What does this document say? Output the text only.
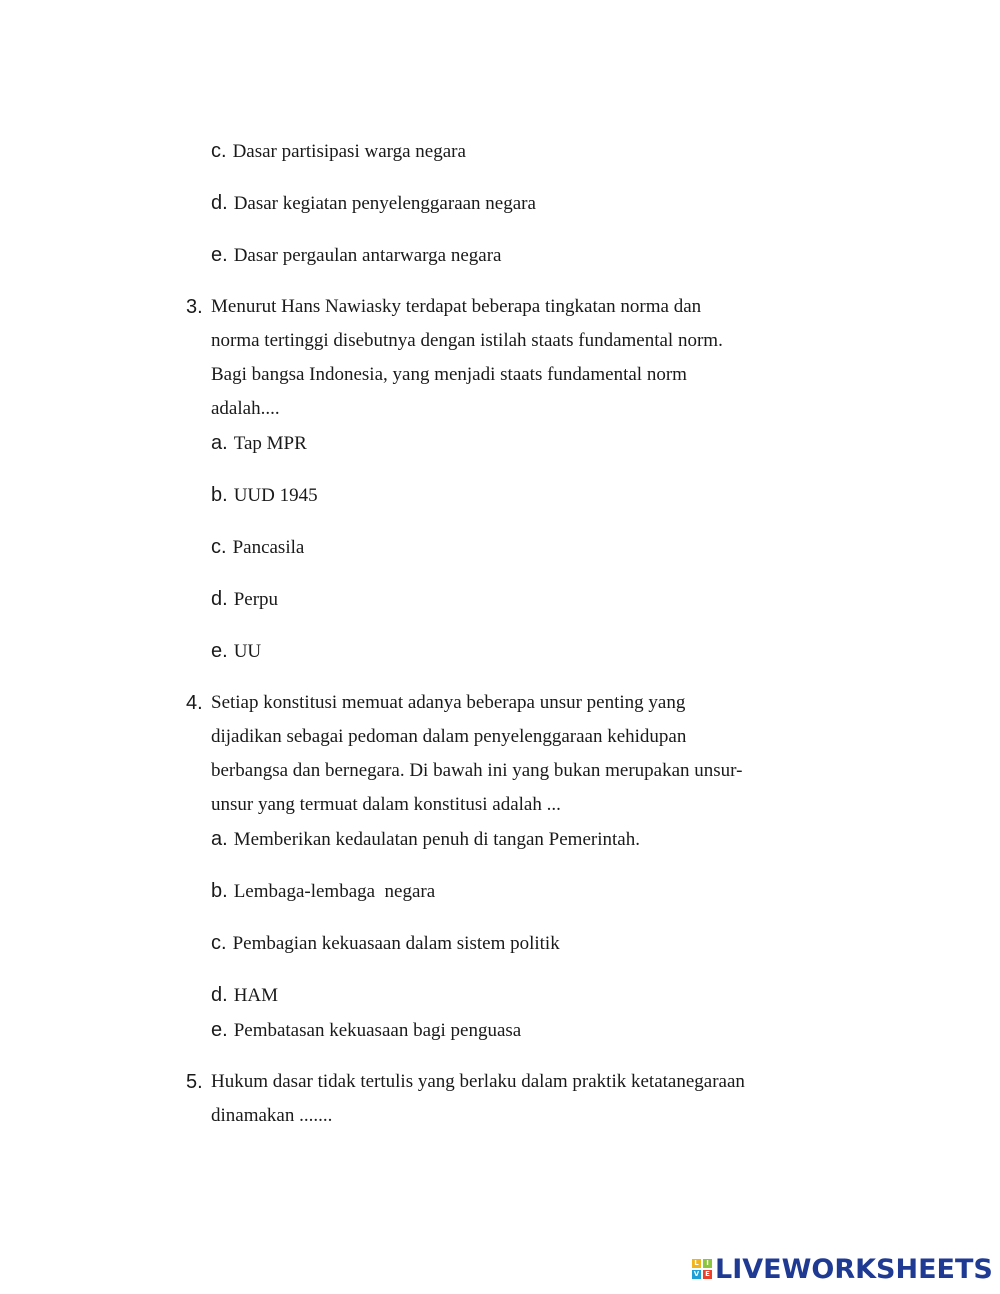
c. Dasar partisipasi warga negara
d. Dasar kegiatan penyelenggaraan negara
e. Dasar pergaulan antarwarga negara
3. Menurut Hans Nawiasky terdapat beberapa tingkatan norma dan
norma tertinggi disebutnya dengan istilah staats fundamental norm.
Bagi bangsa Indonesia, yang menjadi staats fundamental norm
adalah....
a. Tap MPR
b. UUD 1945
c. Pancasila
d. Perpu
e. UU
4. Setiap konstitusi memuat adanya beberapa unsur penting yang
dijadikan sebagai pedoman dalam penyelenggaraan kehidupan
berbangsa dan bernegara. Di bawah ini yang bukan merupakan unsur-
unsur yang termuat dalam konstitusi adalah ...
a. Memberikan kedaulatan penuh di tangan Pemerintah.
b. Lembaga-lembaga  negara
c. Pembagian kekuasaan dalam sistem politik
d. HAM
e. Pembatasan kekuasaan bagi penguasa
5. Hukum dasar tidak tertulis yang berlaku dalam praktik ketatanegaraan
dinamakan .......
L	I
V E LIVEWORKSHEETS
